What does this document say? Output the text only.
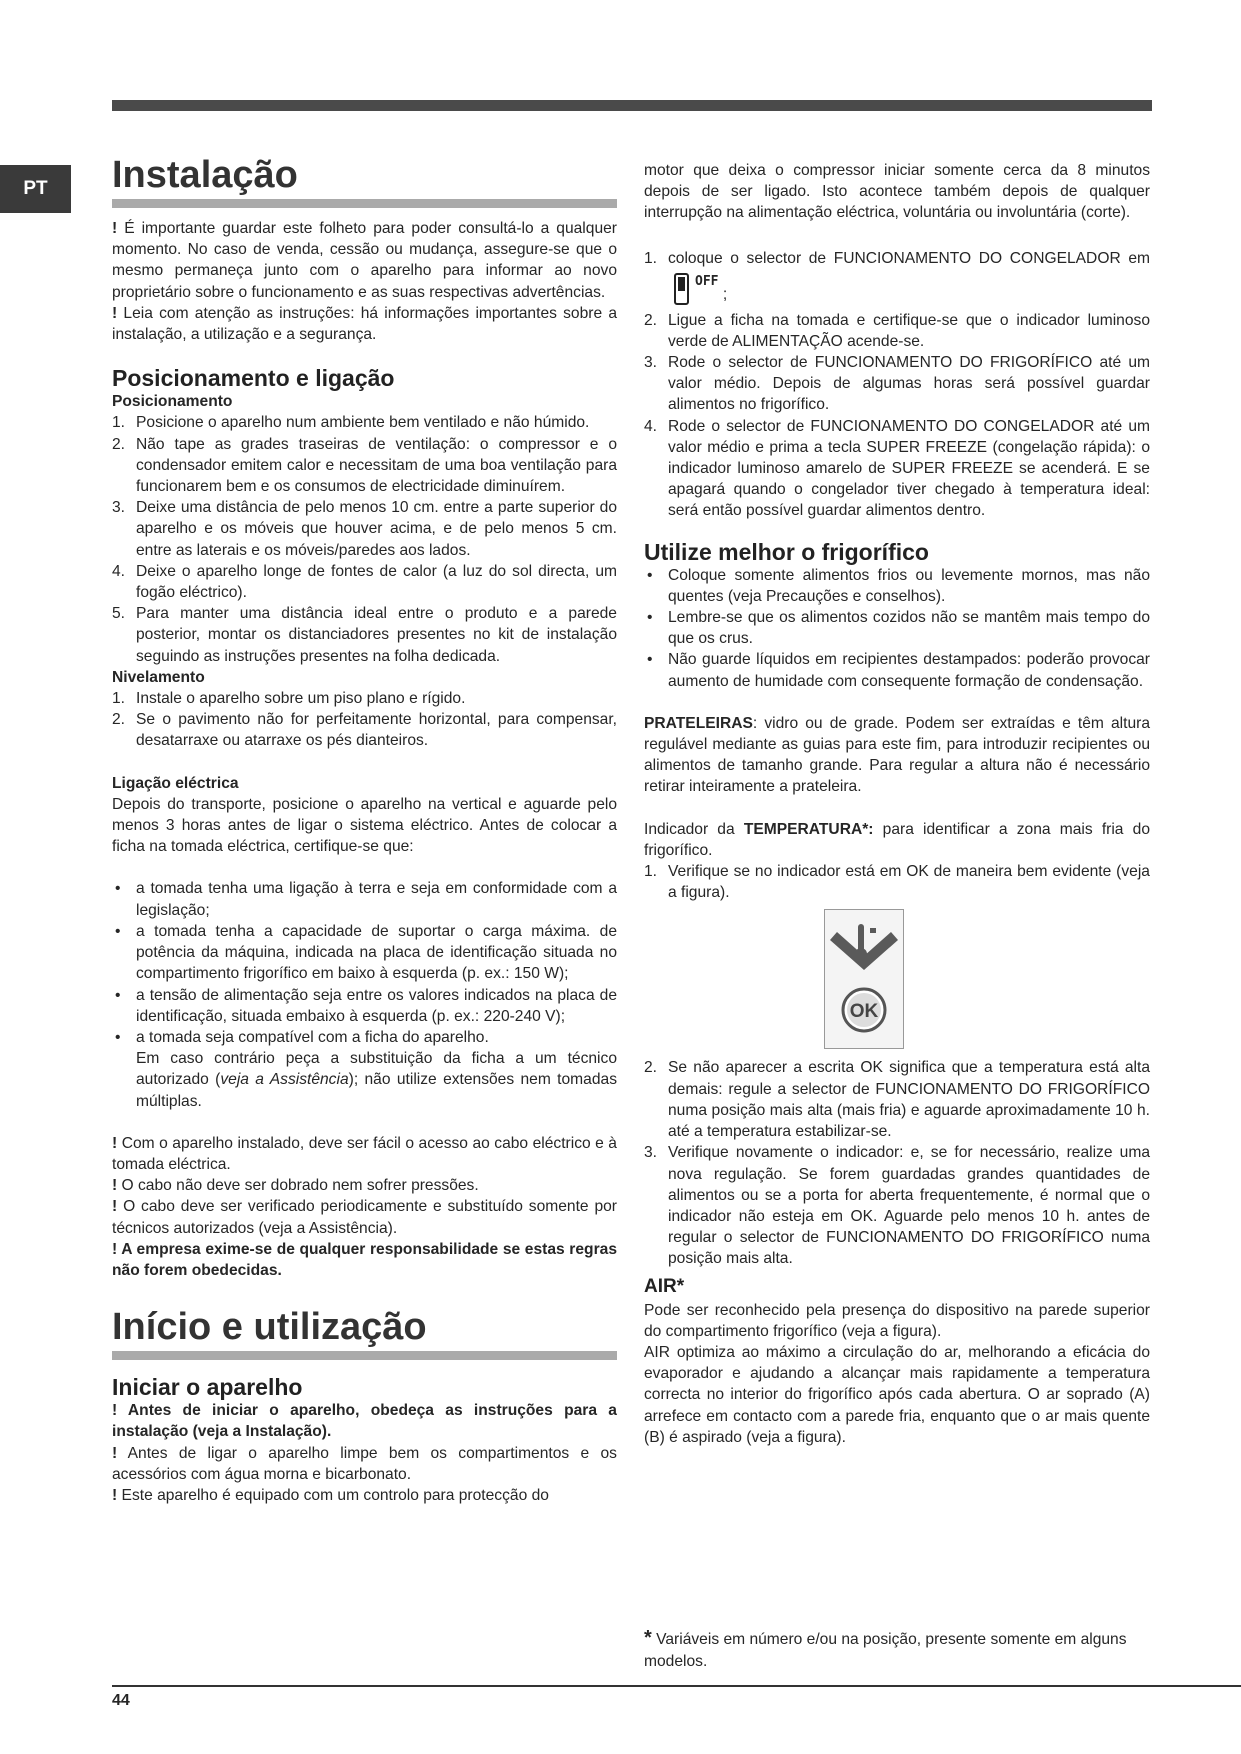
PT	Instalação

! É importante guardar este folheto para poder consultá-lo a qualquer momento. No caso de venda, cessão ou mudança, assegure-se que o mesmo permaneça junto com o aparelho para informar ao novo proprietário sobre o funcionamento e as suas respectivas advertências.

! Leia com atenção as instruções: há informações importantes sobre a instalação, a utilização e a segurança.

Posicionamento e ligação
Posicionamento
1. Posicione o aparelho num ambiente bem ventilado e não húmido.
2. Não tape as grades traseiras de ventilação: o compressor e o condensador emitem calor e necessitam de uma boa ventilação para funcionarem bem e os consumos de electricidade diminuírem.
3. Deixe uma distância de pelo menos 10 cm. entre a parte superior do aparelho e os móveis que houver acima, e de pelo menos 5 cm. entre as laterais e os móveis/paredes aos lados.
4. Deixe o aparelho longe de fontes de calor (a luz do sol directa, um fogão eléctrico).
5. Para manter uma distância ideal entre o produto e a parede posterior, montar os distanciadores presentes no kit de instalação seguindo as instruções presentes na folha dedicada.
Nivelamento
1. Instale o aparelho sobre um piso plano e rígido.
2. Se o pavimento não for perfeitamente horizontal, para compensar, desatarraxe ou atarraxe os pés dianteiros.
Ligação eléctrica

Depois do transporte, posicione o aparelho na vertical e aguarde pelo menos 3 horas antes de ligar o sistema eléctrico. Antes de colocar a ficha na tomada eléctrica, certifique-se que:

• a tomada tenha uma ligação à terra e seja em conformidade com a legislação;
• a tomada tenha a capacidade de suportar o carga máxima. de potência da máquina, indicada na placa de identificação situada no compartimento frigorífico em baixo à esquerda (p. ex.: 150 W);
• a tensão de alimentação seja entre os valores indicados na placa de identificação, situada embaixo à esquerda (p. ex.: 220-240 V);
• a tomada seja compatível com a ficha do aparelho.
Em caso contrário peça a substituição da ficha a um técnico autorizado (veja a Assistência); não utilize extensões nem tomadas múltiplas.

! Com o aparelho instalado, deve ser fácil o acesso ao cabo eléctrico e à tomada eléctrica.

! O cabo não deve ser dobrado nem sofrer pressões.

! O cabo deve ser verificado periodicamente e substituído somente por técnicos autorizados (veja a Assistência).

! A empresa exime-se de qualquer responsabilidade se estas regras não forem obedecidas.

Início e utilização
Iniciar o aparelho

! Antes de iniciar o aparelho, obedeça as instruções para a instalação (veja a Instalação).

! Antes de ligar o aparelho limpe bem os compartimentos e os acessórios com água morna e bicarbonato.

! Este aparelho é equipado com um controlo para protecção do

motor que deixa o compressor iniciar somente cerca da 8 minutos depois de ser ligado. Isto acontece também depois de qualquer interrupção na alimentação eléctrica, voluntária ou involuntária (corte).

1. coloque o selector de FUNCIONAMENTO DO CONGELADOR $em^{OFF}$ ;
2. Ligue a ficha na tomada e certifique-se que o indicador luminoso verde de ALIMENTAÇÃO acende-se.
3. Rode o selector de FUNCIONAMENTO DO FRIGORÍFICO até um valor médio. Depois de algumas horas será possível guardar alimentos no frigorífico.
4. Rode o selector de FUNCIONAMENTO DO CONGELADOR até um valor médio e prima a tecla SUPER FREEZE (congelação rápida): o indicador luminoso amarelo de SUPER FREEZE se acenderá. E se apagará quando o congelador tiver chegado à temperatura ideal: será então possível guardar alimentos dentro.
Utilize melhor o frigorífico
• Coloque somente alimentos frios ou levemente mornos, mas não quentes (veja Precauções e conselhos).
• Lembre-se que os alimentos cozidos não se mantêm mais tempo do que os crus.
• Não guarde líquidos em recipientes destampados: poderão provocar aumento de humidade com consequente formação de condensação.

PRATELEIRAS: vidro ou de grade. Podem ser extraídas e têm altura regulável mediante as guias para este fim, para introduzir recipientes ou alimentos de tamanho grande. Para regular a altura não é necessário retirar inteiramente a prateleira.

Indicador da TEMPERATURA*: para identificar a zona mais fria do frigorífico.

1. Verifique se no indicador está em OK de maneira bem evidente (veja a figura).
OK
2. Se não aparecer a escrita OK significa que a temperatura está alta demais: regule a selector de FUNCIONAMENTO DO FRIGORÍFICO numa posição mais alta (mais fria) e aguarde aproximadamente 10 h. até a temperatura estabilizar-se.
3. Verifique novamente o indicador: e, se for necessário, realize uma nova regulação. Se forem guardadas grandes quantidades de alimentos ou se a porta for aberta frequentemente, é normal que o indicador não esteja em OK. Aguarde pelo menos 10 h. antes de regular o selector de FUNCIONAMENTO DO FRIGORÍFICO numa posição mais alta.
AIR*

Pode ser reconhecido pela presença do dispositivo na parede superior do compartimento frigorífico (veja a figura).

AIR optimiza ao máximo a circulação do ar, melhorando a eficácia do evaporador e ajudando a alcançar mais rapidamente a temperatura correcta no interior do frigorífico após cada abertura. O ar soprado (A) arrefece em contacto com a parede fria, enquanto que o ar mais quente (B) é aspirado (veja a figura).

* Variáveis em número e/ou na posição, presente somente em alguns modelos.
44
